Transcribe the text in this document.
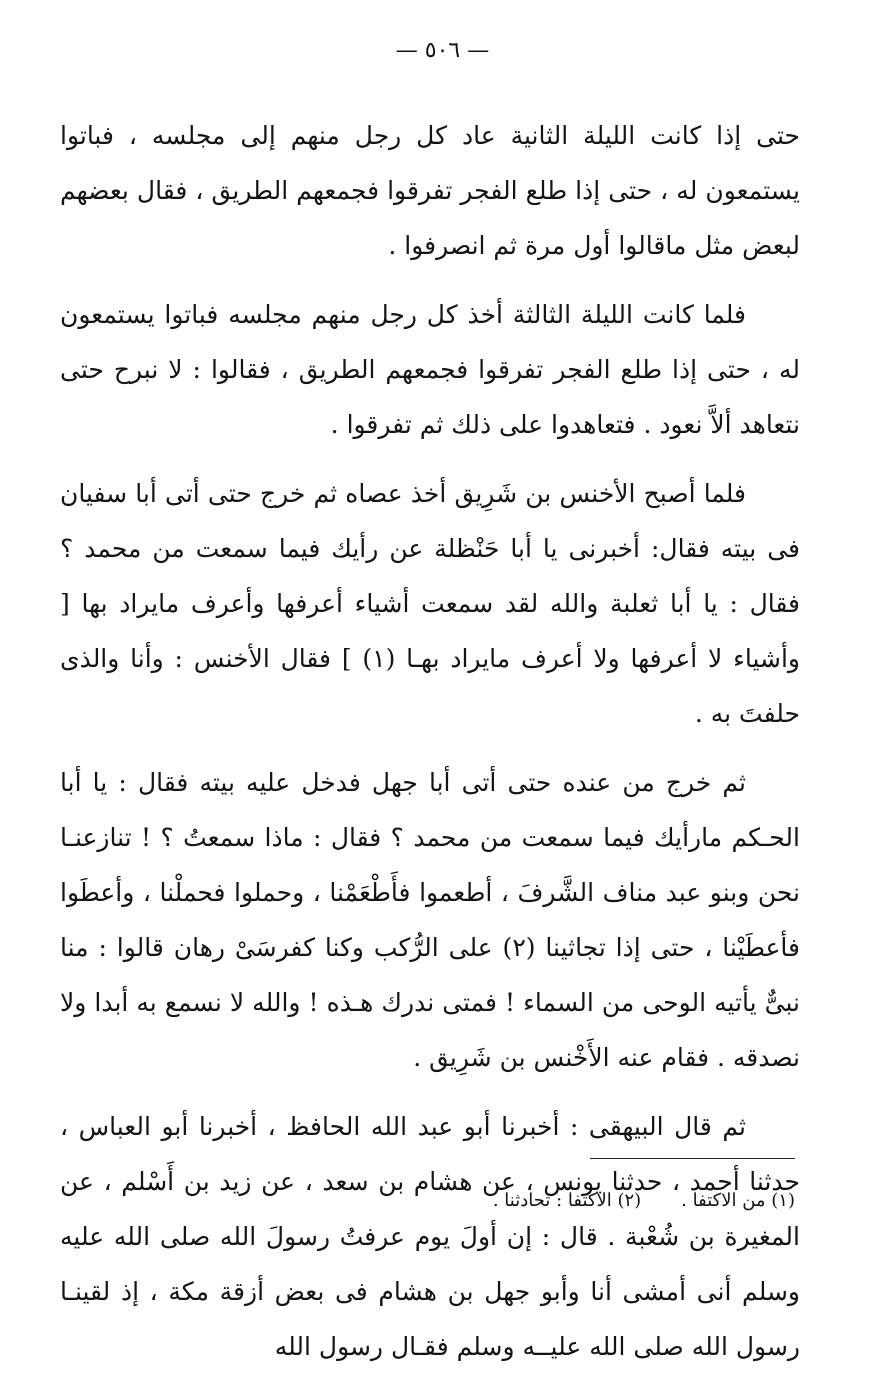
— ٥٠٦ —

حتى إذا كانت الليلة الثانية عاد كل رجل منهم إلى مجلسه ، فباتوا يستمعون له ، حتى إذا طلع الفجر تفرقوا فجمعهم الطريق ، فقال بعضهم لبعض مثل ماقالوا أول مرة ثم انصرفوا .

فلما كانت الليلة الثالثة أخذ كل رجل منهم مجلسه فباتوا يستمعون له ، حتى إذا طلع الفجر تفرقوا فجمعهم الطريق ، فقالوا : لا نبرح حتى نتعاهد ألاَّ نعود . فتعاهدوا على ذلك ثم تفرقوا .

فلما أصبح الأخنس بن شَرِيق أخذ عصاه ثم خرج حتى أتى أبا سفيان فى بيته فقال: أخبرنى يا أبا حَنْظلة عن رأيك فيما سمعت من محمد ؟ فقال : يا أبا ثعلبة والله لقد سمعت أشياء أعرفها وأعرف مايراد بها [ وأشياء لا أعرفها ولا أعرف مايراد بهـا (١) ] فقال الأخنس : وأنا والذى حلفتَ به .

ثم خرج من عنده حتى أتى أبا جهل فدخل عليه بيته فقال : يا أبا الحـكم مارأيك فيما سمعت من محمد ؟ فقال : ماذا سمعتُ ؟ ! تنازعنـا نحن وبنو عبد مناف الشَّرفَ ، أطعموا فأَطْعَمْنا ، وحملوا فحملْنا ، وأعطَوا فأعطَيْنا ، حتى إذا تجاثينا (٢) على الرُّكب وكنا كفرسَىْ رهان قالوا : منا نبىٌّ يأتيه الوحى من السماء ! فمتى ندرك هـذه ! والله لا نسمع به أبدا ولا نصدقه . فقام عنه الأَخْنس بن شَرِيق .

ثم قال البيهقى : أخبرنا أبو عبد الله الحافظ ، أخبرنا أبو العباس ، حدثنا أحمد ، حدثنا يونس ، عن هشام بن سعد ، عن زيد بن أَسْلم ، عن المغيرة بن شُعْبة . قال : إن أولَ يوم عرفتُ رسولَ الله صلى الله عليه وسلم أنى أمشى أنا وأبو جهل بن هشام فى بعض أزقة مكة ، إذ لقينـا رسول الله صلى الله عليــه وسلم فقـال رسول الله

(١) من الاكتفا .
(٢) الاكتفا : تحادثنا .
